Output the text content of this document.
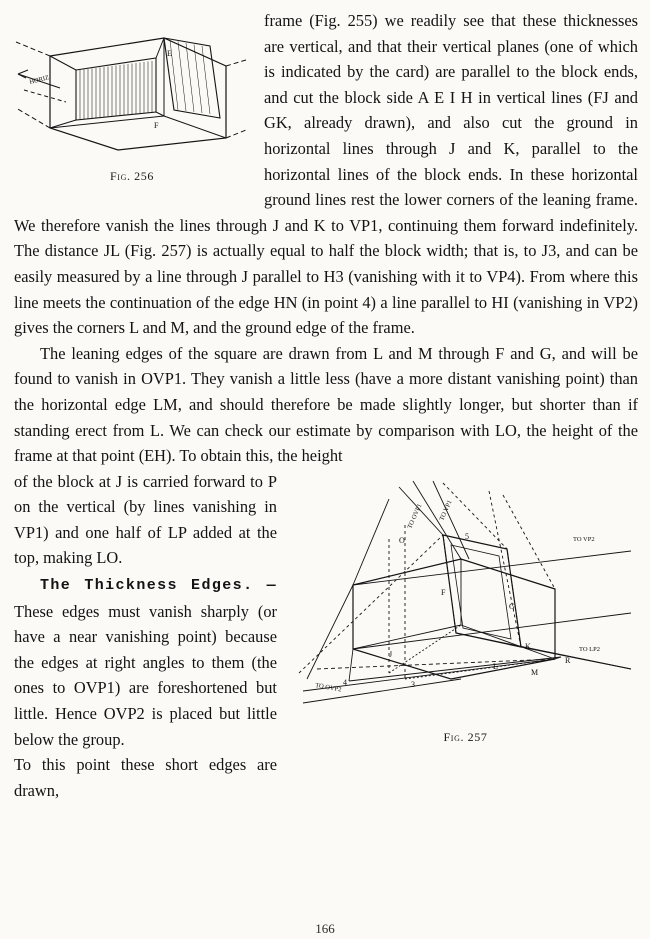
HORIZ
E
F
Fig. 256

frame (Fig. 255) we readily see that these thicknesses are vertical, and that their vertical planes (one of which is indicated by the card) are parallel to the block ends, and cut the block side A E I H in vertical lines (FJ and GK, already drawn), and also cut the ground in horizontal lines through J and K, parallel to the horizontal lines of the block ends. In these horizontal ground lines rest the lower corners of the leaning frame. We therefore vanish the lines through J and K to VP1, continuing them forward indefinitely. The distance JL (Fig. 257) is actually equal to half the block width; that is, to J3, and can be easily measured by a line through J parallel to H3 (vanishing with it to VP4). From where this line meets the continuation of the edge HN (in point 4) a line parallel to HI (vanishing in VP2) gives the corners L and M, and the ground edge of the frame.

The leaning edges of the square are drawn from L and M through F and G, and will be found to vanish in OVP1. They vanish a little less (have a more distant vanishing point) than the horizontal edge LM, and should therefore be made slightly longer, but shorter than if standing erect from L. We can check our estimate by comparison with LO, the height of the frame at that point (EH). To obtain this, the height

TO OVP1 TO VP1
TO VP2
TO LP2
TO OVP2
5
O
F
G
J
K
L
M
R
4	3
Fig. 257

of the block at J is carried forward to P on the vertical (by lines vanishing in VP1) and one half of LP added at the top, making LO.

The Thickness Edges. — These edges must vanish sharply (or have a near vanishing point) because the edges at right angles to them (the ones to OVP1) are foreshortened but little. Hence OVP2 is placed but little below the group.

To this point these short edges are drawn,

166
